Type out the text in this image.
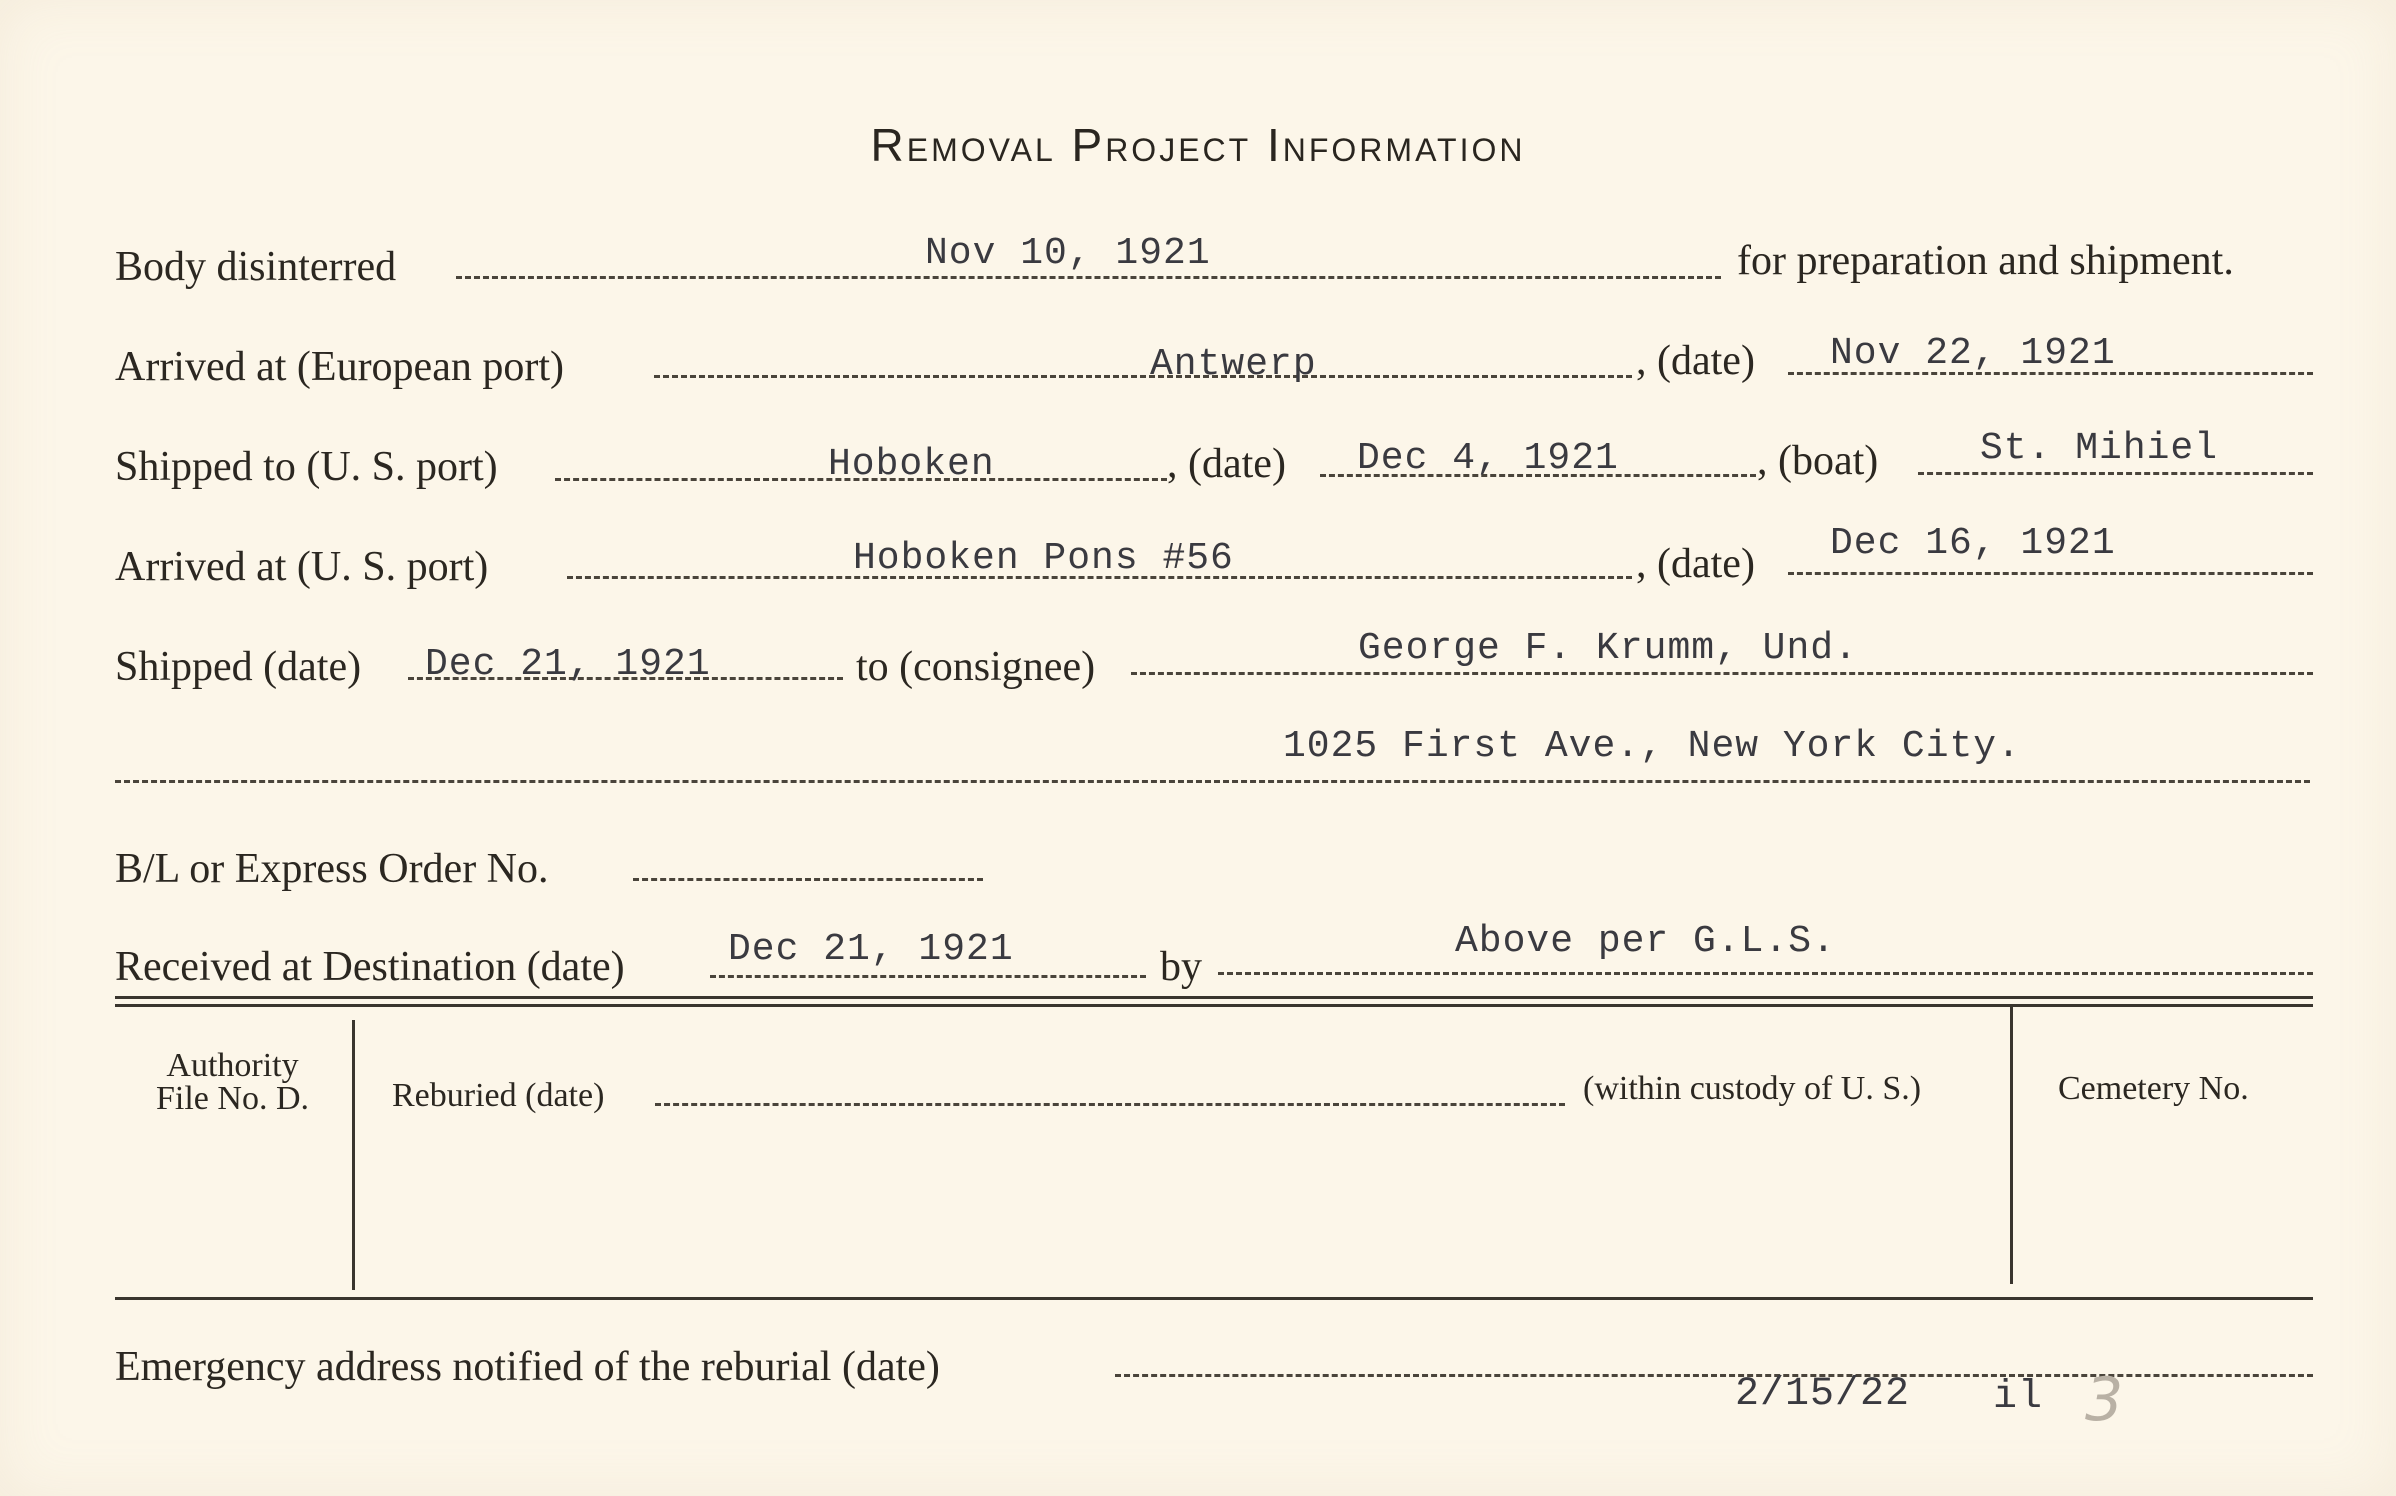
Removal Project Information
Body disinterred	Nov 10, 1921	for preparation and shipment.
Arrived at (European port)	Antwerp	, (date) Nov 22, 1921
Shipped to (U. S. port)	Hoboken	, (date) Dec 4, 1921	, (boat)	St. Mihiel
Arrived at (U. S. port)	Hoboken Pons #56	, (date) Dec 16, 1921
Shipped (date) Dec 21, 1921	to (consignee)	George F. Krumm, Und.
1025 First Ave., New York City.
B/L or Express Order No.
Received at Destination (date)	Dec 21, 1921	by
Above per G.L.S.
Authority
File No. D.	Reburied (date)	(within custody of U. S.)	Cemetery No.
Emergency address notified of the reburial (date)
2/15/22 il 3
